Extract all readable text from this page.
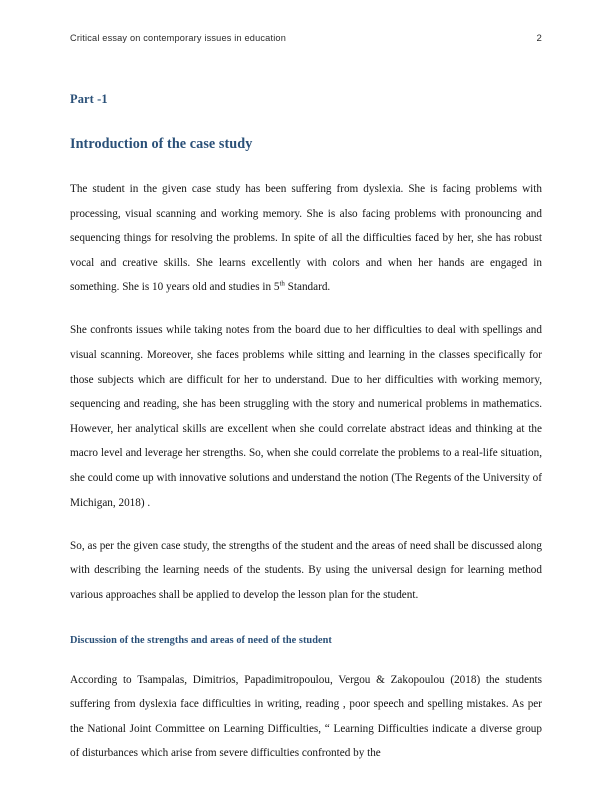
Critical essay on contemporary issues in education	2
Part -1
Introduction of the case study

The student in the given case study has been suffering from dyslexia. She is facing problems with processing, visual scanning and working memory. She is also facing problems with pronouncing and sequencing things for resolving the problems. In spite of all the difficulties faced by her, she has robust vocal and creative skills. She learns excellently with colors and when her hands are engaged in something. She is 10 years old and studies in 5th Standard.

She confronts issues while taking notes from the board due to her difficulties to deal with spellings and visual scanning. Moreover, she faces problems while sitting and learning in the classes specifically for those subjects which are difficult for her to understand. Due to her difficulties with working memory, sequencing and reading, she has been struggling with the story and numerical problems in mathematics. However, her analytical skills are excellent when she could correlate abstract ideas and thinking at the macro level and leverage her strengths. So, when she could correlate the problems to a real-life situation, she could come up with innovative solutions and understand the notion (The Regents of the University of Michigan, 2018) .

So, as per the given case study, the strengths of the student and the areas of need shall be discussed along with describing the learning needs of the students. By using the universal design for learning method various approaches shall be applied to develop the lesson plan for the student.

Discussion of the strengths and areas of need of the student

According to Tsampalas, Dimitrios, Papadimitropoulou, Vergou & Zakopoulou (2018) the students suffering from dyslexia face difficulties in writing, reading , poor speech and spelling mistakes. As per the National Joint Committee on Learning Difficulties, “ Learning Difficulties indicate a diverse group of disturbances which arise from severe difficulties confronted by the
